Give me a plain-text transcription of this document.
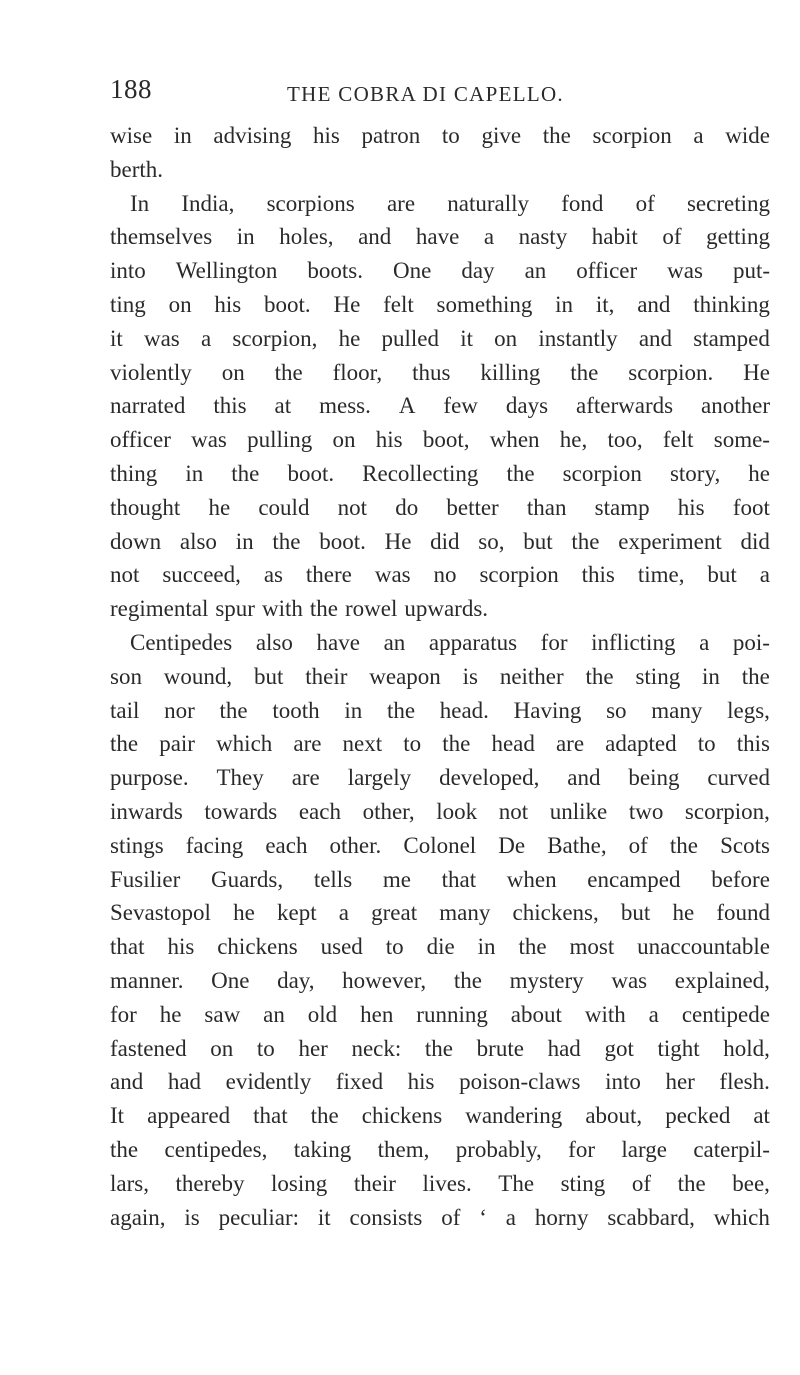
188	THE COBRA DI CAPELLO.
wise in advising his patron to give the scorpion a wide
berth.
In India, scorpions are naturally fond of secreting
themselves in holes, and have a nasty habit of getting
into Wellington boots. One day an officer was put-
ting on his boot. He felt something in it, and thinking
it was a scorpion, he pulled it on instantly and stamped
violently on the floor, thus killing the scorpion. He
narrated this at mess. A few days afterwards another
officer was pulling on his boot, when he, too, felt some-
thing in the boot. Recollecting the scorpion story, he
thought he could not do better than stamp his foot
down also in the boot. He did so, but the experiment did
not succeed, as there was no scorpion this time, but a
regimental spur with the rowel upwards.
Centipedes also have an apparatus for inflicting a poi-
son wound, but their weapon is neither the sting in the
tail nor the tooth in the head. Having so many legs,
the pair which are next to the head are adapted to this
purpose. They are largely developed, and being curved
inwards towards each other, look not unlike two scorpion,
stings facing each other. Colonel De Bathe, of the Scots
Fusilier Guards, tells me that when encamped before
Sevastopol he kept a great many chickens, but he found
that his chickens used to die in the most unaccountable
manner. One day, however, the mystery was explained,
for he saw an old hen running about with a centipede
fastened on to her neck: the brute had got tight hold,
and had evidently fixed his poison-claws into her flesh.
It appeared that the chickens wandering about, pecked at
the centipedes, taking them, probably, for large caterpil-
lars, thereby losing their lives. The sting of the bee,
again, is peculiar: it consists of ‘ a horny scabbard, which
